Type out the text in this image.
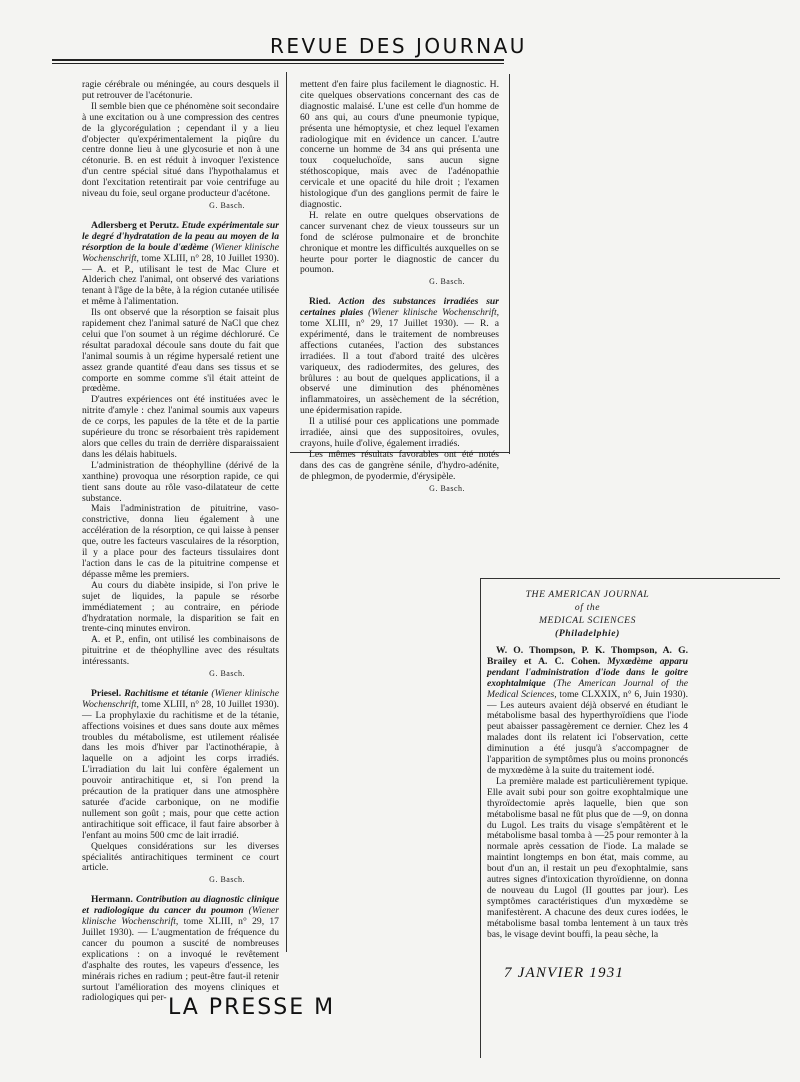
REVUE DES JOURNAU

ragie cérébrale ou méningée, au cours desquels il put retrouver de l'acétonurie.

Il semble bien que ce phénomène soit secondaire à une excitation ou à une compression des centres de la glycorégulation ; cependant il y a lieu d'objecter qu'expérimentalement la piqûre du centre donne lieu à une glycosurie et non à une cétonurie. B. en est réduit à invoquer l'existence d'un centre spécial situé dans l'hypothalamus et dont l'excitation retentirait par voie centrifuge au niveau du foie, seul organe producteur d'acétone.

G. Basch.

Adlersberg et Perutz. Etude expérimentale sur le degré d'hydratation de la peau au moyen de la résorption de la boule d'œdème (Wiener klinische Wochenschrift, tome XLIII, n° 28, 10 Juillet 1930). — A. et P., utilisant le test de Mac Clure et Alderich chez l'animal, ont observé des variations tenant à l'âge de la bête, à la région cutanée utilisée et même à l'alimentation.

Ils ont observé que la résorption se faisait plus rapidement chez l'animal saturé de NaCl que chez celui que l'on soumet à un régime déchloruré. Ce résultat paradoxal découle sans doute du fait que l'animal soumis à un régime hypersalé retient une assez grande quantité d'eau dans ses tissus et se comporte en somme comme s'il était atteint de prœdème.

D'autres expériences ont été instituées avec le nitrite d'amyle : chez l'animal soumis aux vapeurs de ce corps, les papules de la tête et de la partie supérieure du tronc se résorbaient très rapidement alors que celles du train de derrière disparaissaient dans les délais habituels.

L'administration de théophylline (dérivé de la xanthine) provoqua une résorption rapide, ce qui tient sans doute au rôle vaso-dilatateur de cette substance.

Mais l'administration de pituitrine, vaso-constrictive, donna lieu également à une accélération de la résorption, ce qui laisse à penser que, outre les facteurs vasculaires de la résorption, il y a place pour des facteurs tissulaires dont l'action dans le cas de la pituitrine compense et dépasse même les premiers.

Au cours du diabète insipide, si l'on prive le sujet de liquides, la papule se résorbe immédiatement ; au contraire, en période d'hydratation normale, la disparition se fait en trente-cinq minutes environ.

A. et P., enfin, ont utilisé les combinaisons de pituitrine et de théophylline avec des résultats intéressants.

G. Basch.

Priesel. Rachitisme et tétanie (Wiener klinische Wochenschrift, tome XLIII, n° 28, 10 Juillet 1930). — La prophylaxie du rachitisme et de la tétanie, affections voisines et dues sans doute aux mêmes troubles du métabolisme, est utilement réalisée dans les mois d'hiver par l'actinothérapie, à laquelle on a adjoint les corps irradiés. L'irradiation du lait lui confère également un pouvoir antirachitique et, si l'on prend la précaution de la pratiquer dans une atmosphère saturée d'acide carbonique, on ne modifie nullement son goût ; mais, pour que cette action antirachitique soit efficace, il faut faire absorber à l'enfant au moins 500 cmc de lait irradié.

Quelques considérations sur les diverses spécialités antirachitiques terminent ce court article.

G. Basch.

Hermann. Contribution au diagnostic clinique et radiologique du cancer du poumon (Wiener klinische Wochenschrift, tome XLIII, n° 29, 17 Juillet 1930). — L'augmentation de fréquence du cancer du poumon a suscité de nombreuses explications : on a invoqué le revêtement d'asphalte des routes, les vapeurs d'essence, les minérais riches en radium ; peut-être faut-il retenir surtout l'amélioration des moyens cliniques et radiologiques qui per-

mettent d'en faire plus facilement le diagnostic. H. cite quelques observations concernant des cas de diagnostic malaisé. L'une est celle d'un homme de 60 ans qui, au cours d'une pneumonie typique, présenta une hémoptysie, et chez lequel l'examen radiologique mit en évidence un cancer. L'autre concerne un homme de 34 ans qui présenta une toux coqueluchoïde, sans aucun signe stéthoscopique, mais avec de l'adénopathie cervicale et une opacité du hile droit ; l'examen histologique d'un des ganglions permit de faire le diagnostic.

H. relate en outre quelques observations de cancer survenant chez de vieux tousseurs sur un fond de sclérose pulmonaire et de bronchite chronique et montre les difficultés auxquelles on se heurte pour porter le diagnostic de cancer du poumon.

G. Basch.

Ried. Action des substances irradiées sur certaines plaies (Wiener klinische Wochenschrift, tome XLIII, n° 29, 17 Juillet 1930). — R. a expérimenté, dans le traitement de nombreuses affections cutanées, l'action des substances irradiées. Il a tout d'abord traité des ulcères variqueux, des radiodermites, des gelures, des brûlures : au bout de quelques applications, il a observé une diminution des phénomènes inflammatoires, un assèchement de la sécrétion, une épidermisation rapide.

Il a utilisé pour ces applications une pommade irradiée, ainsi que des suppositoires, ovules, crayons, huile d'olive, également irradiés.

Les mêmes résultats favorables ont été notés dans des cas de gangrène sénile, d'hydro-adénite, de phlegmon, de pyodermie, d'érysipèle.

G. Basch.
THE AMERICAN JOURNAL
of the
MEDICAL SCIENCES
(Philadelphie)

W. O. Thompson, P. K. Thompson, A. G. Brailey et A. C. Cohen. Myxœdème apparu pendant l'administration d'iode dans le goitre exophtalmique (The American Journal of the Medical Sciences, tome CLXXIX, n° 6, Juin 1930). — Les auteurs avaient déjà observé en étudiant le métabolisme basal des hyperthyroïdiens que l'iode peut abaisser passagèrement ce dernier. Chez les 4 malades dont ils relatent ici l'observation, cette diminution a été jusqu'à s'accompagner de l'apparition de symptômes plus ou moins prononcés de myxœdème à la suite du traitement iodé.

La première malade est particulièrement typique. Elle avait subi pour son goitre exophtalmique une thyroïdectomie après laquelle, bien que son métabolisme basal ne fût plus que de —9, on donna du Lugol. Les traits du visage s'empâtèrent et le métabolisme basal tomba à —25 pour remonter à la normale après cessation de l'iode. La malade se maintint longtemps en bon état, mais comme, au bout d'un an, il restait un peu d'exophtalmie, sans autres signes d'intoxication thyroïdienne, on donna de nouveau du Lugol (II gouttes par jour). Les symptômes caractéristiques d'un myxœdème se manifestèrent. A chacune des deux cures iodées, le métabolisme basal tomba lentement à un taux très bas, le visage devint bouffi, la peau sèche, la

LA PRESSE M
7 JANVIER 1931
